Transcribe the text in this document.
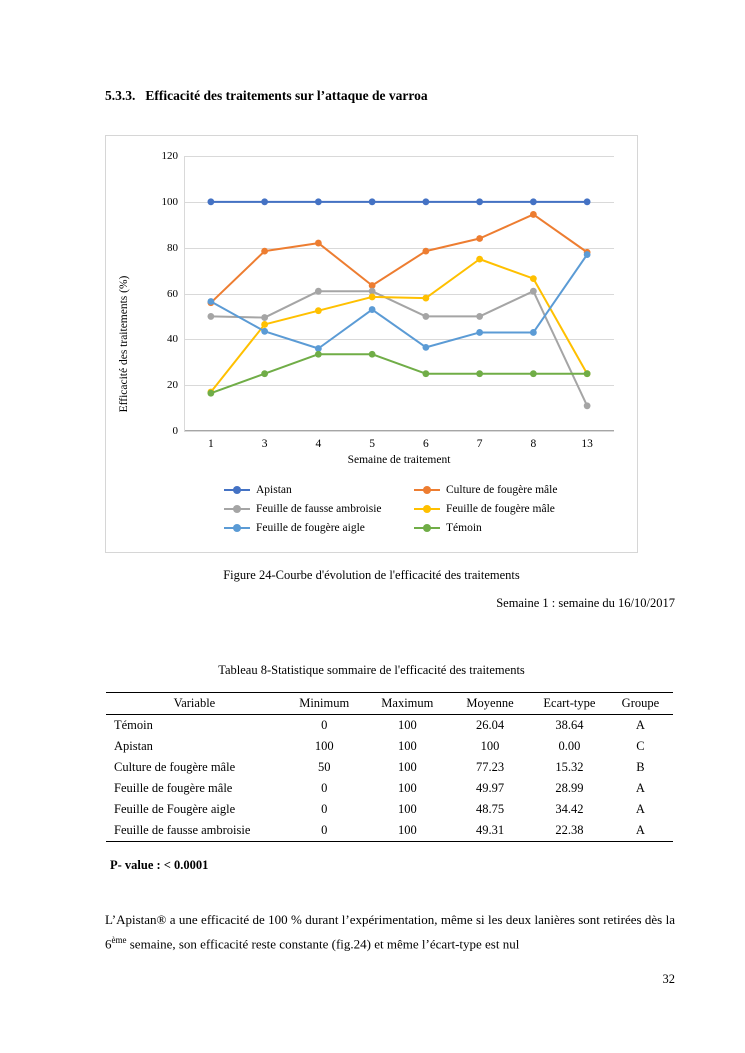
5.3.3. Efficacité des traitements sur l’attaque de varroa
Efficacité des traitements (%)
0
20
40
60
80
100
120
1	3	4	5	6	7	8	13
Semaine de traitement
Apistan	Culture de fougère mâle
Feuille de fausse ambroisie	Feuille de fougère mâle
Feuille de fougère aigle	Témoin
Figure 24-Courbe d'évolution de l'efficacité des traitements
Semaine 1 : semaine du 16/10/2017
Tableau 8-Statistique sommaire de l'efficacité des traitements
Variable	Minimum	Maximum	Moyenne	Ecart-type	Groupe
Témoin	0	100	26.04	38.64	A
Apistan	100	100	100	0.00	C
Culture de fougère mâle	50	100	77.23	15.32	B
Feuille de fougère mâle	0	100	49.97	28.99	A
Feuille de Fougère aigle	0	100	48.75	34.42	A
Feuille de fausse ambroisie	0	100	49.31	22.38	A
P- value : < 0.0001
L’Apistan® a une efficacité de 100 % durant l’expérimentation, même si les deux lanières sont retirées dès la 6ème semaine, son efficacité reste constante (fig.24) et même l’écart-type est nul
32
